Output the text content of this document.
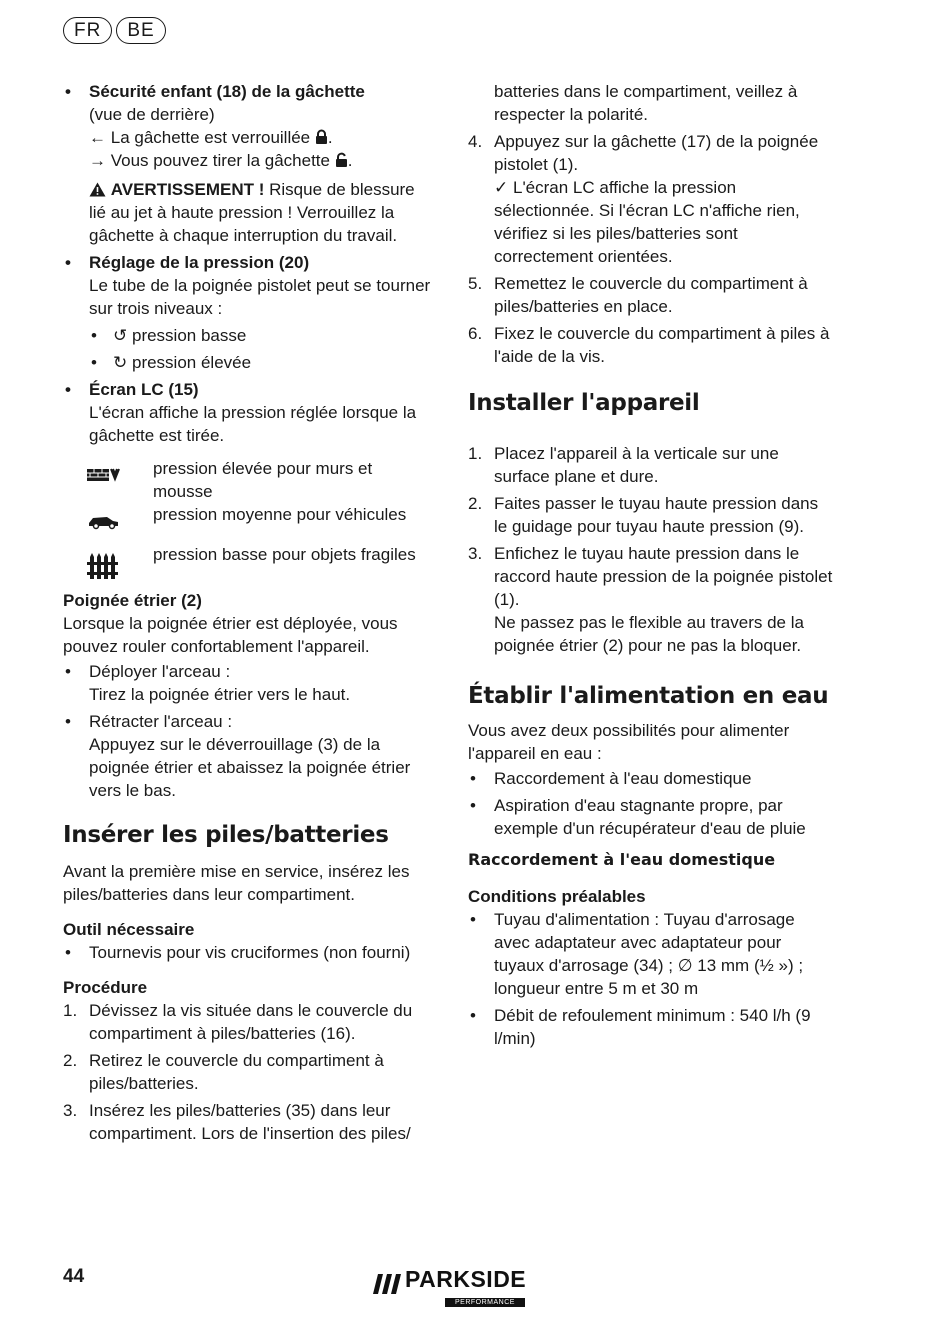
FR	BE
• Sécurité enfant (18) de la gâchette

(vue de derrière)

← La gâchette est verrouillée .

→ Vous pouvez tirer la gâchette .

AVERTISSEMENT ! Risque de blessure lié au jet à haute pression ! Verrouillez la gâchette à chaque interruption du travail.

• Réglage de la pression (20)

Le tube de la poignée pistolet peut se tourner sur trois niveaux :

• ↺ pression basse
• ↻ pression élevée
• Écran LC (15)

L'écran affiche la pression réglée lorsque la gâchette est tirée.

pression élevée pour murs et mousse

pression moyenne pour véhicules

pression basse pour objets fragiles

Poignée étrier (2)

Lorsque la poignée étrier est déployée, vous pouvez rouler confortablement l'appareil.

• Déployer l'arceau :

Tirez la poignée étrier vers le haut.

• Rétracter l'arceau :

Appuyez sur le déverrouillage (3) de la poignée étrier et abaissez la poignée étrier vers le bas.

Insérer les piles/batteries

Avant la première mise en service, insérez les piles/batteries dans leur compartiment.

Outil nécessaire
• Tournevis pour vis cruciformes (non fourni)

Procédure
1. Dévissez la vis située dans le couvercle du compartiment à piles/batteries (16).

2. Retirez le couvercle du compartiment à piles/batteries.

3. Insérez les piles/batteries (35) dans leur compartiment. Lors de l'insertion des piles/

batteries dans le compartiment, veillez à respecter la polarité.

4. Appuyez sur la gâchette (17) de la poignée pistolet (1).

✓ L'écran LC affiche la pression sélectionnée. Si l'écran LC n'affiche rien, vérifiez si les piles/batteries sont correctement orientées.

5. Remettez le couvercle du compartiment à piles/batteries en place.

6. Fixez le couvercle du compartiment à piles à l'aide de la vis.

Installer l'appareil
1. Placez l'appareil à la verticale sur une surface plane et dure.

2. Faites passer le tuyau haute pression dans le guidage pour tuyau haute pression (9).

3. Enfichez le tuyau haute pression dans le raccord haute pression de la poignée pistolet (1).

Ne passez pas le flexible au travers de la poignée étrier (2) pour ne pas la bloquer.

Établir l'alimentation en eau

Vous avez deux possibilités pour alimenter l'appareil en eau :

• Raccordement à l'eau domestique

• Aspiration d'eau stagnante propre, par exemple d'un récupérateur d'eau de pluie

Raccordement à l'eau domestique
Conditions préalables
• Tuyau d'alimentation : Tuyau d'arrosage avec adaptateur avec adaptateur pour tuyaux d'arrosage (34) ; ∅ 13 mm (½ ») ; longueur entre 5 m et 30 m

• Débit de refoulement minimum : 540 l/h (9 l/min)

44	PARKSIDE
PERFORMANCE
